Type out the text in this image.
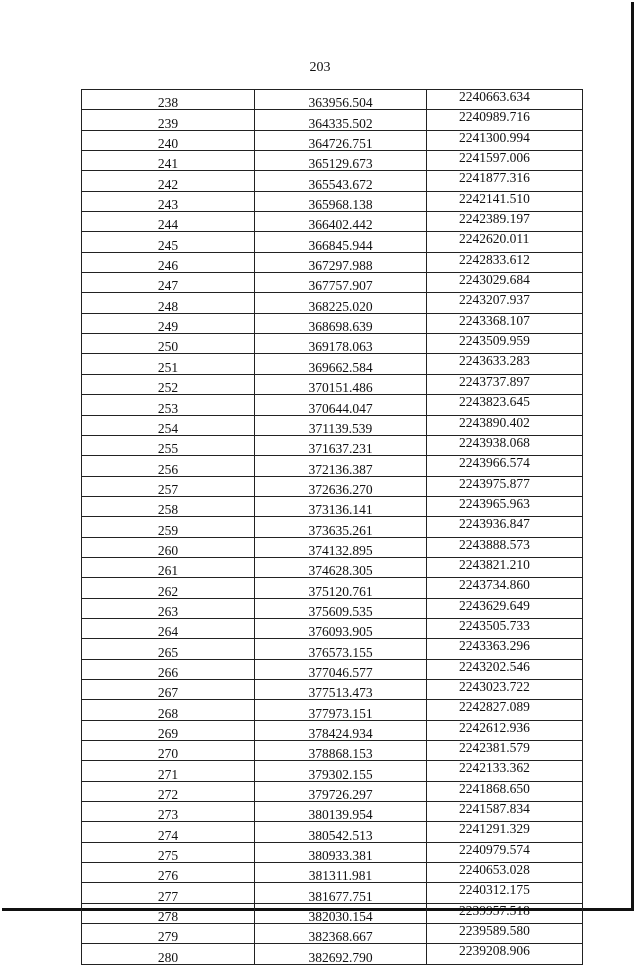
203
238	363956.504	2240663.634
239	364335.502	2240989.716
240	364726.751	2241300.994
241	365129.673	2241597.006
242	365543.672	2241877.316
243	365968.138	2242141.510
244	366402.442	2242389.197
245	366845.944	2242620.011
246	367297.988	2242833.612
247	367757.907	2243029.684
248	368225.020	2243207.937
249	368698.639	2243368.107
250	369178.063	2243509.959
251	369662.584	2243633.283
252	370151.486	2243737.897
253	370644.047	2243823.645
254	371139.539	2243890.402
255	371637.231	2243938.068
256	372136.387	2243966.574
257	372636.270	2243975.877
258	373136.141	2243965.963
259	373635.261	2243936.847
260	374132.895	2243888.573
261	374628.305	2243821.210
262	375120.761	2243734.860
263	375609.535	2243629.649
264	376093.905	2243505.733
265	376573.155	2243363.296
266	377046.577	2243202.546
267	377513.473	2243023.722
268	377973.151	2242827.089
269	378424.934	2242612.936
270	378868.153	2242381.579
271	379302.155	2242133.362
272	379726.297	2241868.650
273	380139.954	2241587.834
274	380542.513	2241291.329
275	380933.381	2240979.574
276	381311.981	2240653.028
277	381677.751	2240312.175
278	382030.154	2239957.518
279	382368.667	2239589.580
280	382692.790	2239208.906
